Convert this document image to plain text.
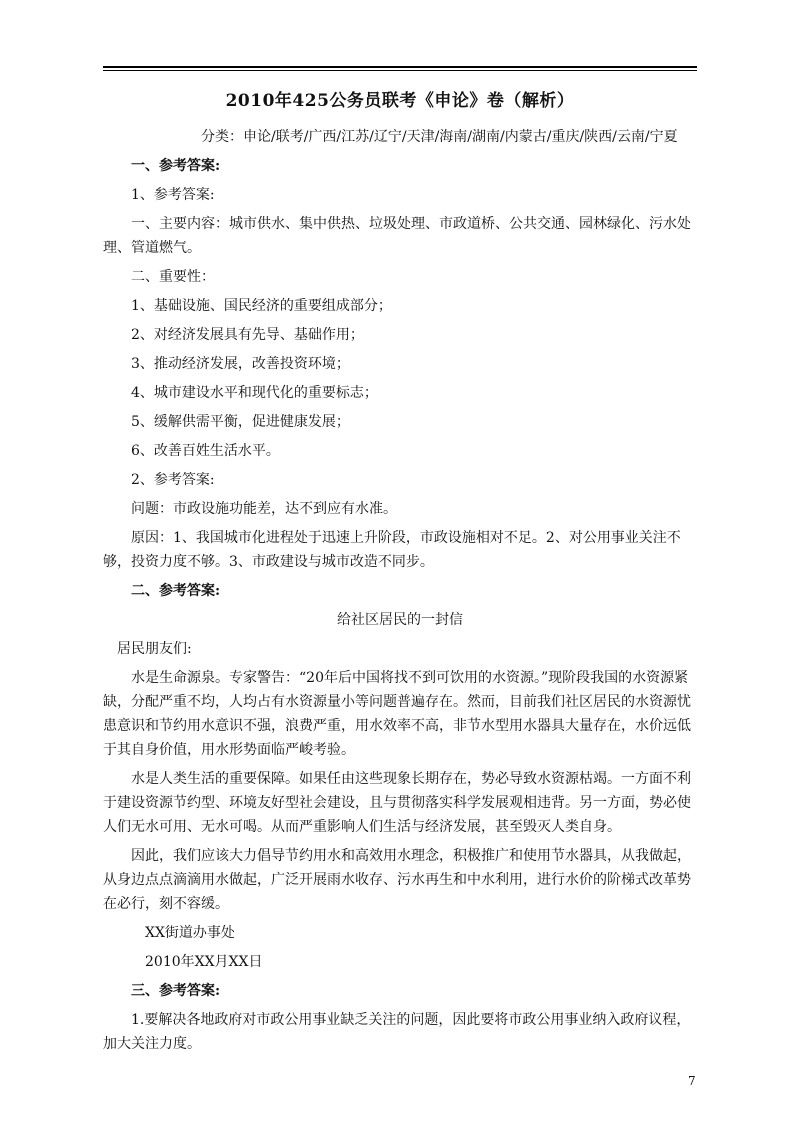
2010年425公务员联考《申论》卷（解析）

分类：申论/联考/广西/江苏/辽宁/天津/海南/湖南/内蒙古/重庆/陕西/云南/宁夏

一、参考答案:

1、参考答案:

一、主要内容：城市供水、集中供热、垃圾处理、市政道桥、公共交通、园林绿化、污水处理、管道燃气。

二、重要性：

1、基础设施、国民经济的重要组成部分；

2、对经济发展具有先导、基础作用；

3、推动经济发展，改善投资环境；

4、城市建设水平和现代化的重要标志；

5、缓解供需平衡，促进健康发展；

6、改善百姓生活水平。

2、参考答案:

问题：市政设施功能差，达不到应有水准。

原因：1、我国城市化进程处于迅速上升阶段，市政设施相对不足。2、对公用事业关注不够，投资力度不够。3、市政建设与城市改造不同步。

二、参考答案:

给社区居民的一封信

居民朋友们:

水是生命源泉。专家警告：“20年后中国将找不到可饮用的水资源。”现阶段我国的水资源紧缺，分配严重不均，人均占有水资源量小等问题普遍存在。然而，目前我们社区居民的水资源忧患意识和节约用水意识不强，浪费严重，用水效率不高，非节水型用水器具大量存在，水价远低于其自身价值，用水形势面临严峻考验。

水是人类生活的重要保障。如果任由这些现象长期存在，势必导致水资源枯竭。一方面不利于建设资源节约型、环境友好型社会建设，且与贯彻落实科学发展观相违背。另一方面，势必使人们无水可用、无水可喝。从而严重影响人们生活与经济发展，甚至毁灭人类自身。

因此，我们应该大力倡导节约用水和高效用水理念，积极推广和使用节水器具，从我做起，从身边点点滴滴用水做起，广泛开展雨水收存、污水再生和中水利用，进行水价的阶梯式改革势在必行，刻不容缓。

XX街道办事处

2010年XX月XX日

三、参考答案:

1.要解决各地政府对市政公用事业缺乏关注的问题，因此要将市政公用事业纳入政府议程，加大关注力度。

7
